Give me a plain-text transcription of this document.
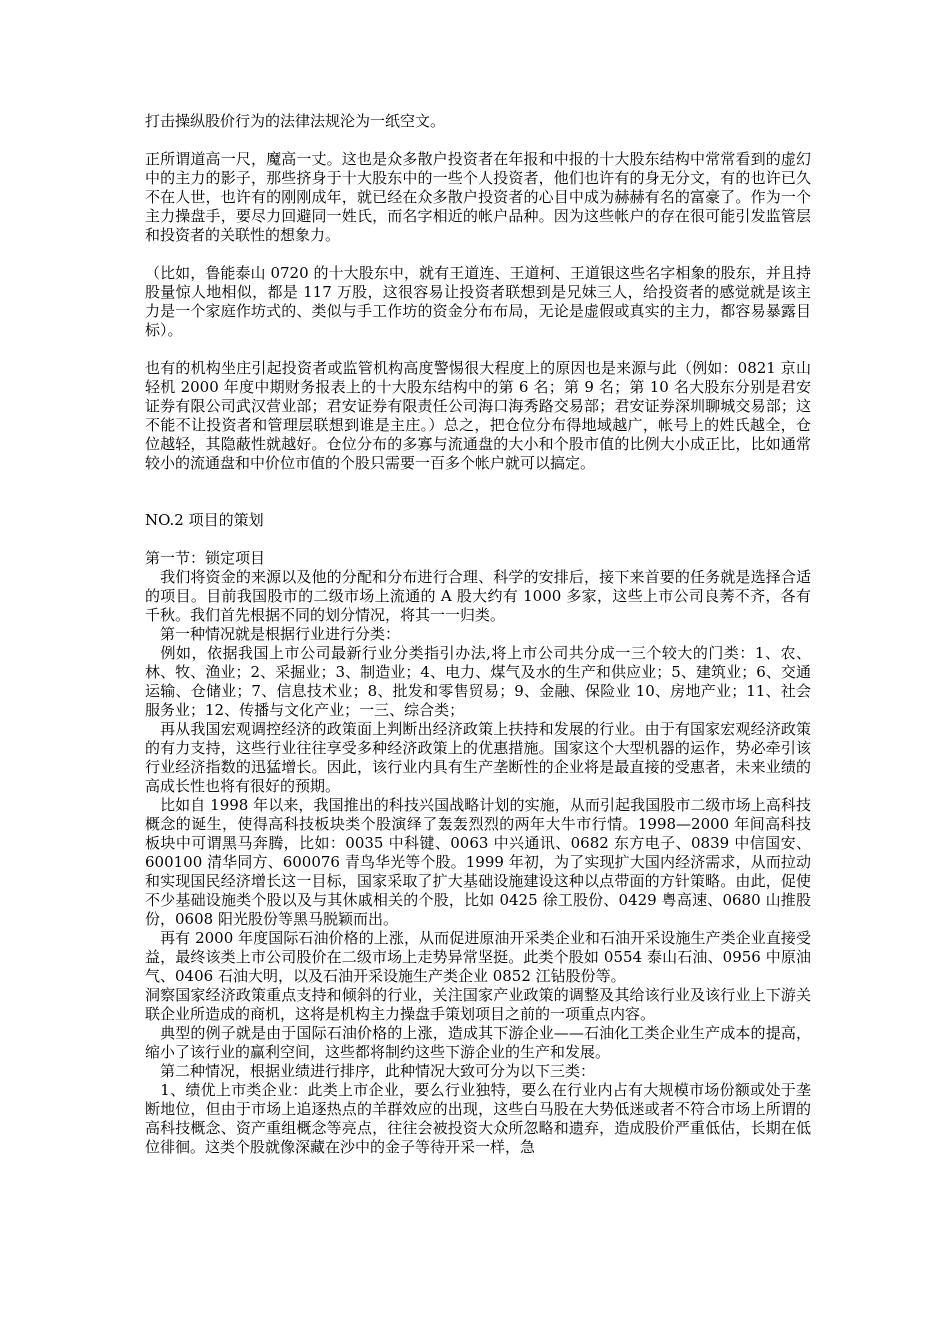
打击操纵股价行为的法律法规沦为一纸空文。

正所谓道高一尺，魔高一丈。这也是众多散户投资者在年报和中报的十大股东结构中常常看到的虚幻中的主力的影子，那些挤身于十大股东中的一些个人投资者，他们也许有的身无分文，有的也许已久不在人世，也许有的刚刚成年，就已经在众多散户投资者的心目中成为赫赫有名的富豪了。作为一个主力操盘手，要尽力回避同一姓氏，而名字相近的帐户品种。因为这些帐户的存在很可能引发监管层和投资者的关联性的想象力。

（比如，鲁能泰山 0720 的十大股东中，就有王道连、王道柯、王道银这些名字相象的股东，并且持股量惊人地相似，都是 117 万股，这很容易让投资者联想到是兄妹三人，给投资者的感觉就是该主力是一个家庭作坊式的、类似与手工作坊的资金分布布局，无论是虚假或真实的主力，都容易暴露目标）。

也有的机构坐庄引起投资者或监管机构高度警惕很大程度上的原因也是来源与此（例如：0821 京山轻机 2000 年度中期财务报表上的十大股东结构中的第 6 名；第 9 名；第 10 名大股东分别是君安证券有限公司武汉营业部；君安证券有限责任公司海口海秀路交易部；君安证券深圳聊城交易部；这不能不让投资者和管理层联想到谁是主庄。）总之，把仓位分布得地域越广，帐号上的姓氏越全，仓位越轻，其隐蔽性就越好。仓位分布的多寡与流通盘的大小和个股市值的比例大小成正比，比如通常较小的流通盘和中价位市值的个股只需要一百多个帐户就可以搞定。

NO.2 项目的策划

第一节：锁定项目

　我们将资金的来源以及他的分配和分布进行合理、科学的安排后，接下来首要的任务就是选择合适的项目。目前我国股市的二级市场上流通的 A 股大约有 1000 多家，这些上市公司良莠不齐，各有千秋。我们首先根据不同的划分情况，将其一一归类。

　第一种情况就是根据行业进行分类：

　例如，依据我国上市公司最新行业分类指引办法,将上市公司共分成一三个较大的门类：1、农、林、牧、渔业；2、采掘业；3、制造业；4、电力、煤气及水的生产和供应业；5、建筑业；6、交通运输、仓储业；7、信息技术业；8、批发和零售贸易；9、金融、保险业 10、房地产业；11、社会服务业；12、传播与文化产业；一三、综合类；

　再从我国宏观调控经济的政策面上判断出经济政策上扶持和发展的行业。由于有国家宏观经济政策的有力支持，这些行业往往享受多种经济政策上的优惠措施。国家这个大型机器的运作，势必牵引该行业经济指数的迅猛增长。因此，该行业内具有生产垄断性的企业将是最直接的受惠者，未来业绩的高成长性也将有很好的预期。

　比如自 1998 年以来，我国推出的科技兴国战略计划的实施，从而引起我国股市二级市场上高科技概念的诞生，使得高科技板块类个股演绎了轰轰烈烈的两年大牛市行情。1998—2000 年间高科技板块中可谓黑马奔腾，比如：0035 中科键、0063 中兴通讯、0682 东方电子、0839 中信国安、600100 清华同方、600076 青鸟华光等个股。1999 年初，为了实现扩大国内经济需求，从而拉动和实现国民经济增长这一目标，国家采取了扩大基础设施建设这种以点带面的方针策略。由此，促使不少基础设施类个股以及与其休戚相关的个股，比如 0425 徐工股份、0429 粤高速、0680 山推股份，0608 阳光股份等黑马脱颖而出。

　再有 2000 年度国际石油价格的上涨，从而促进原油开采类企业和石油开采设施生产类企业直接受益，最终该类上市公司股价在二级市场上走势异常坚挺。此类个股如 0554 泰山石油、0956 中原油气、0406 石油大明，以及石油开采设施生产类企业 0852 江钻股份等。

洞察国家经济政策重点支持和倾斜的行业，关注国家产业政策的调整及其给该行业及该行业上下游关联企业所造成的商机，这将是机构主力操盘手策划项目之前的一项重点内容。

　典型的例子就是由于国际石油价格的上涨，造成其下游企业——石油化工类企业生产成本的提高，缩小了该行业的赢利空间，这些都将制约这些下游企业的生产和发展。

　第二种情况，根据业绩进行排序，此种情况大致可分为以下三类：

　1、绩优上市类企业：此类上市企业，要么行业独特，要么在行业内占有大规模市场份额或处于垄断地位，但由于市场上追逐热点的羊群效应的出现，这些白马股在大势低迷或者不符合市场上所谓的高科技概念、资产重组概念等亮点，往往会被投资大众所忽略和遗弃，造成股价严重低估，长期在低位徘徊。这类个股就像深藏在沙中的金子等待开采一样，急
